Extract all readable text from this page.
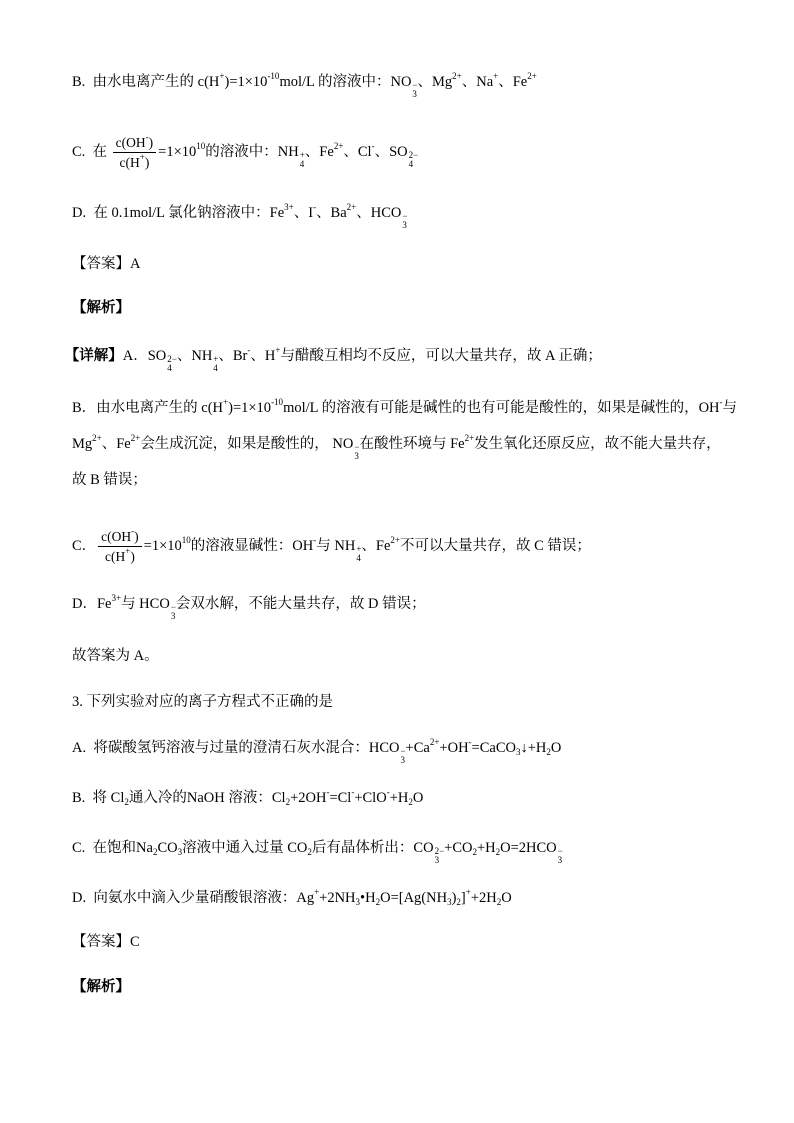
B.  由水电离产生的 $c(H^+)=1\times 10^{-10}mol/L$ 的溶液中：NO −
3
、$Mg^{2+}$、Na+、$Fe^{2+}$
C.  在 $\frac{c(OH^-)}{c(H^+)} =1\times 10^{10}$的溶液中：NH +
4
、$Fe^{2+}$、Cl-、SO 2−
4
D.  在 0.1mol/L 氯化钠溶液中：$Fe^{3+}$、I-、$Ba^{2+}$、HCO −
3
【答案】A
【解析】
【详解】A．SO 2−
4
、NH +
4
、Br-、H+与醋酸互相均不反应，可以大量共存，故 A 正确；
B．由水电离产生的 $c(H^+)=1\times 10^{-10}mol/L$ 的溶液有可能是碱性的也有可能是酸性的，如果是碱性的，OH-与
$Mg^{2+}$、$Fe^{2+}$会生成沉淀，如果是酸性的， NO −
3
在酸性环境与 $Fe^{2+}$发生氧化还原反应，故不能大量共存，
故 B 错误；
C． $\frac{c(OH^-)}{c(H^+)} =1\times 10^{10}$的溶液显碱性：OH-与 NH +
4
、$Fe^{2+}$不可以大量共存，故 C 错误；
D．$Fe^{3+}$与 HCO −
3
会双水解，不能大量共存，故 D 错误；
故答案为 A。
3. 下列实验对应的离子方程式不正确的是
A.  将碳酸氢钙溶液与过量的澄清石灰水混合：HCO −
3
$+Ca^{2+}+OH^-=CaCO_3↓+H_2O$
B.  将 $Cl_2$通入冷的NaOH 溶液：$Cl_2+2OH^-=Cl^-+ClO^-+H_2O$
C.  在饱和$Na_2CO_3$溶液中通入过量 $CO_2$后有晶体析出：CO 2−
3
$+CO_2+H_2O=2HCO$ −
3
D.  向氨水中滴入少量硝酸银溶液：$Ag^++2NH_3•H_2O=[Ag(NH_3)_2]^++2H_2O$
【答案】C
【解析】
